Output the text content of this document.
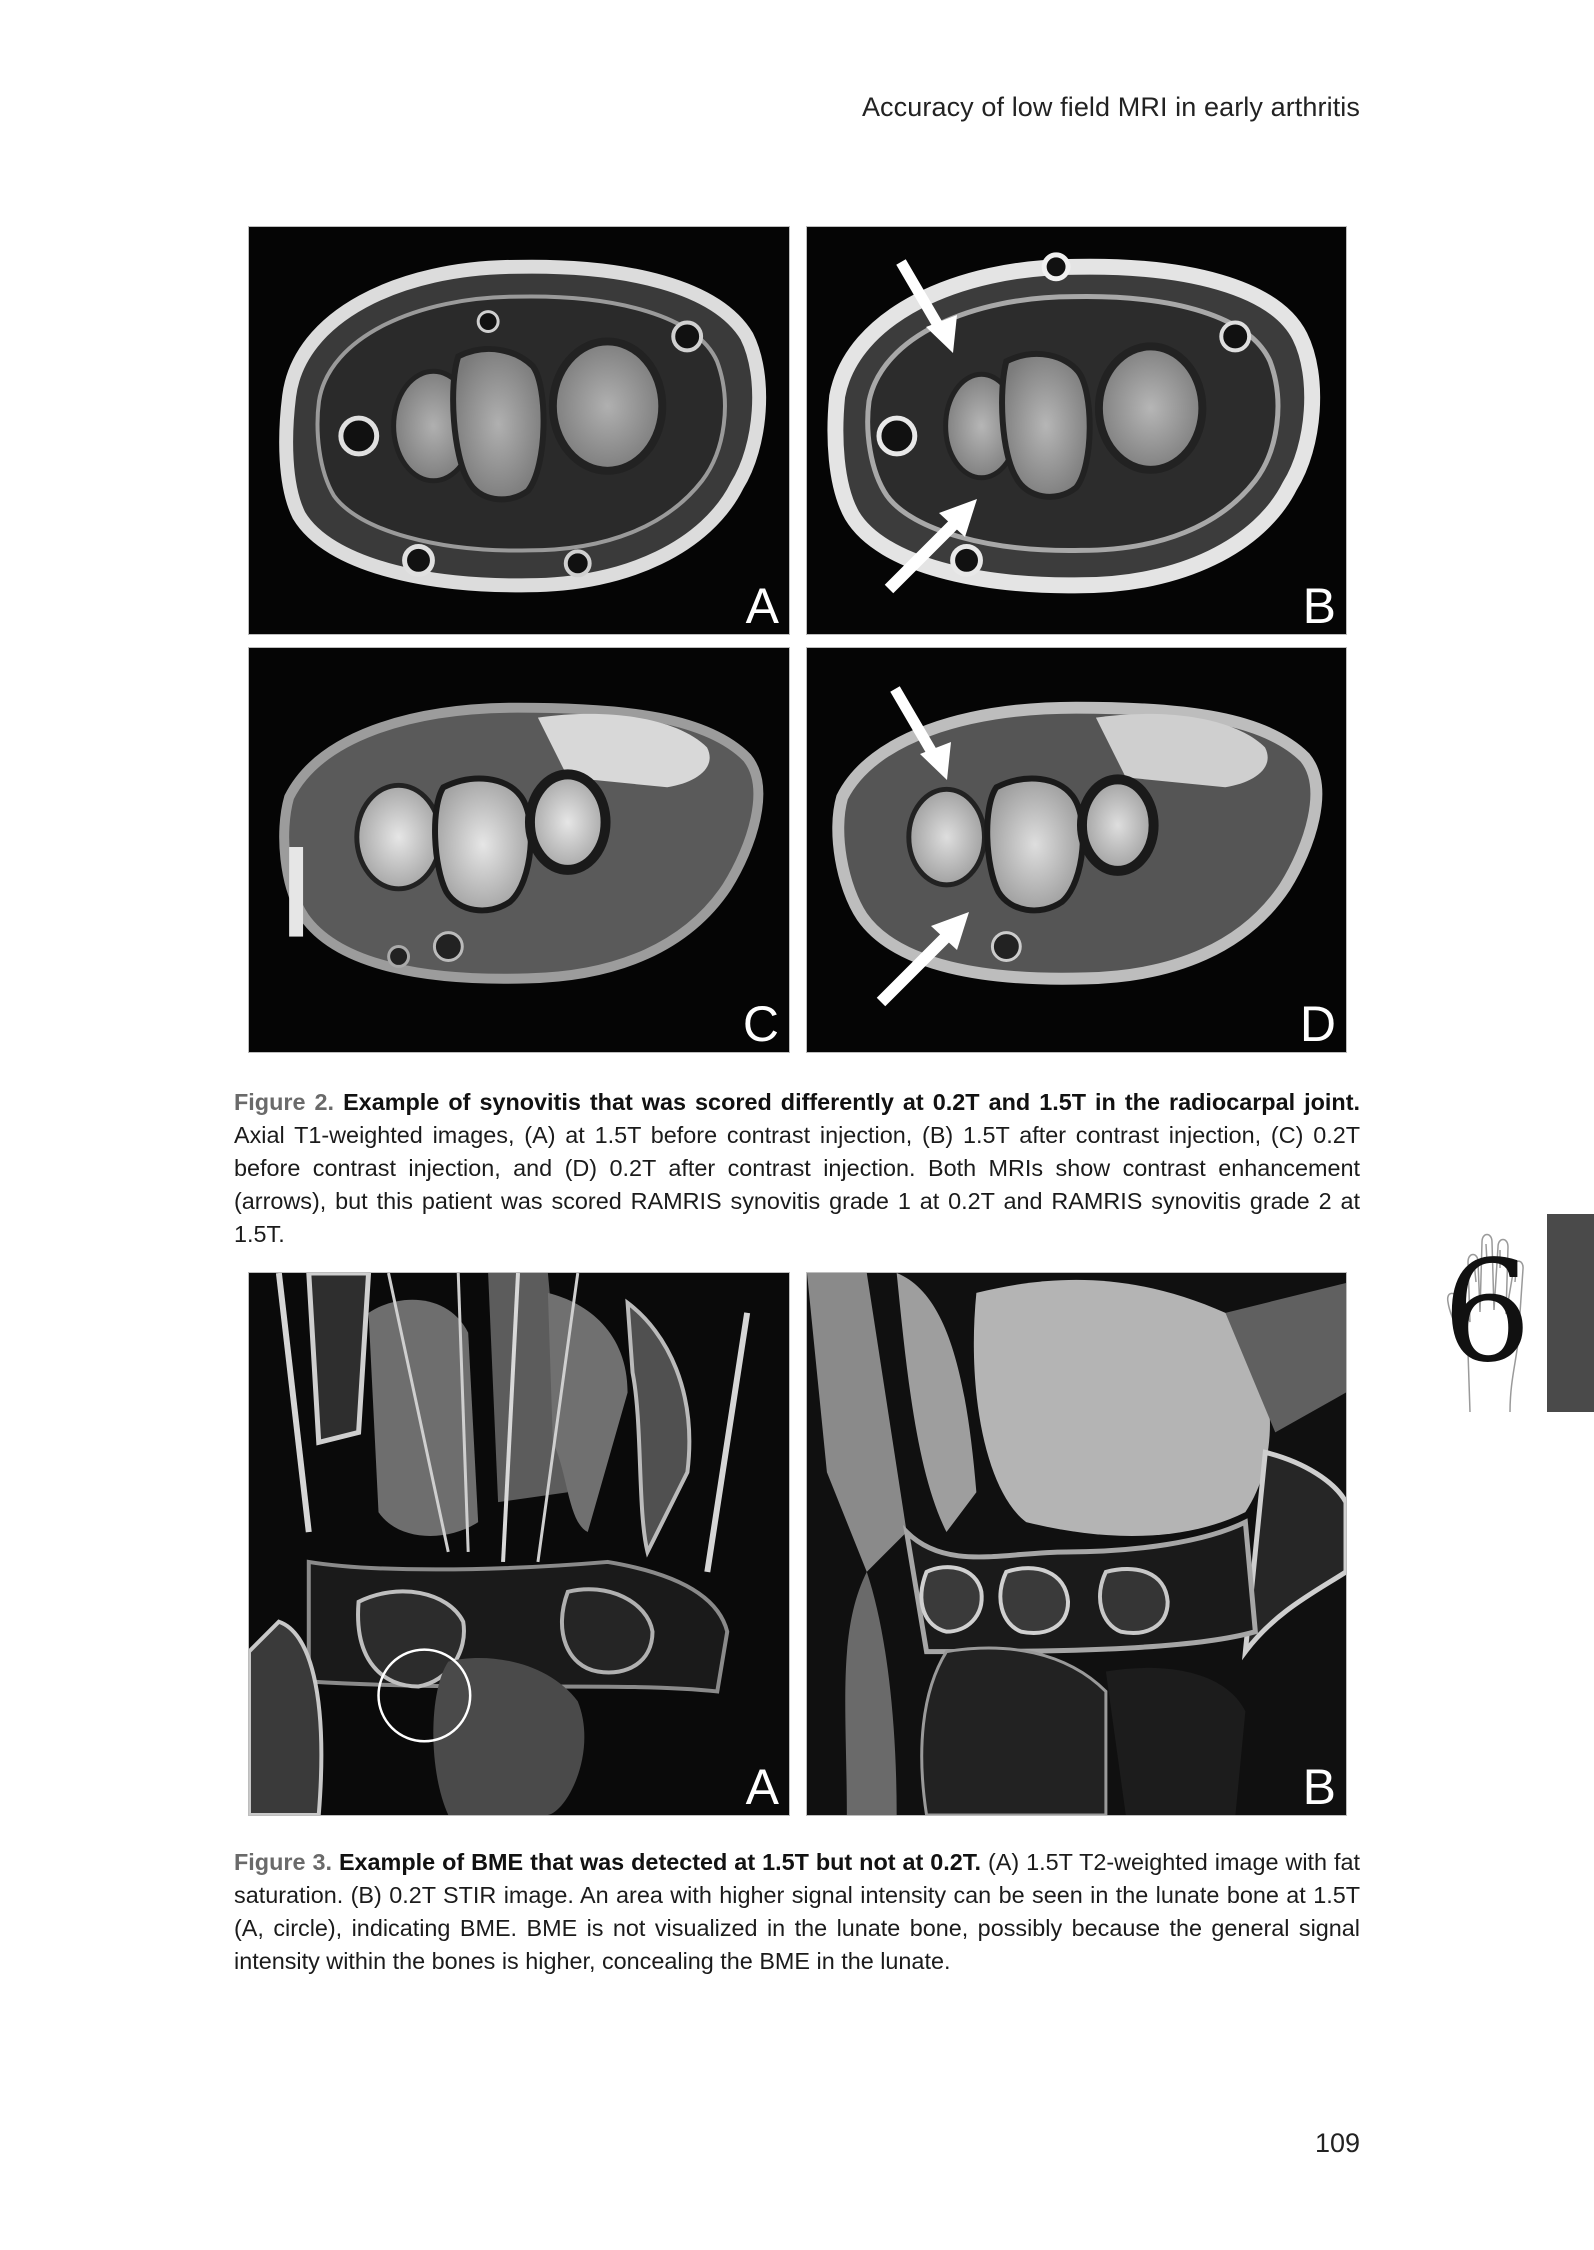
Accuracy of low field MRI in early arthritis
A	B
C	D
Figure 2. Example of synovitis that was scored differently at 0.2T and 1.5T in the radiocarpal joint. Axial T1-weighted images, (A) at 1.5T before contrast injection, (B) 1.5T after contrast injection, (C) 0.2T before contrast injection, and (D) 0.2T after contrast injection. Both MRIs show contrast enhancement (arrows), but this patient was scored RAMRIS synovitis grade 1 at 0.2T and RAMRIS synovitis grade 2 at 1.5T.
A	B
Figure 3. Example of BME that was detected at 1.5T but not at 0.2T. (A) 1.5T T2-weighted image with fat saturation. (B) 0.2T STIR image. An area with higher signal intensity can be seen in the lunate bone at 1.5T (A, circle), indicating BME. BME is not visualized in the lunate bone, possibly because the general signal intensity within the bones is higher, concealing the BME in the lunate.
6
109
